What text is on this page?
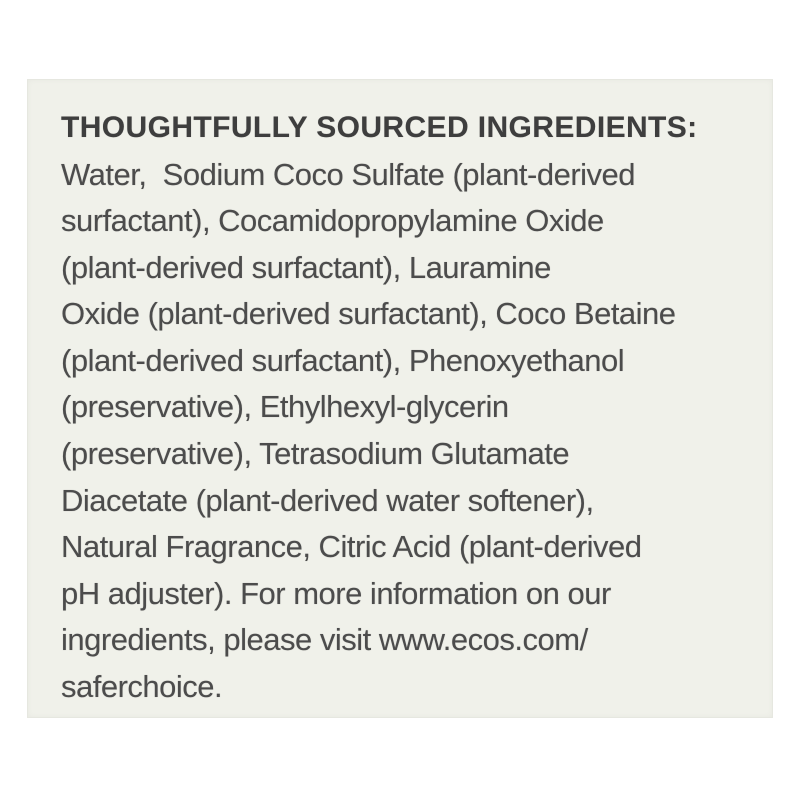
THOUGHTFULLY SOURCED INGREDIENTS:
Water,  Sodium Coco Sulfate (plant-derived
surfactant), Cocamidopropylamine Oxide
(plant-derived surfactant), Lauramine
Oxide (plant-derived surfactant), Coco Betaine
(plant-derived surfactant), Phenoxyethanol
(preservative), Ethylhexyl-glycerin
(preservative), Tetrasodium Glutamate
Diacetate (plant-derived water softener),
Natural Fragrance, Citric Acid (plant-derived
pH adjuster). For more information on our
ingredients, please visit www.ecos.com/
saferchoice.
